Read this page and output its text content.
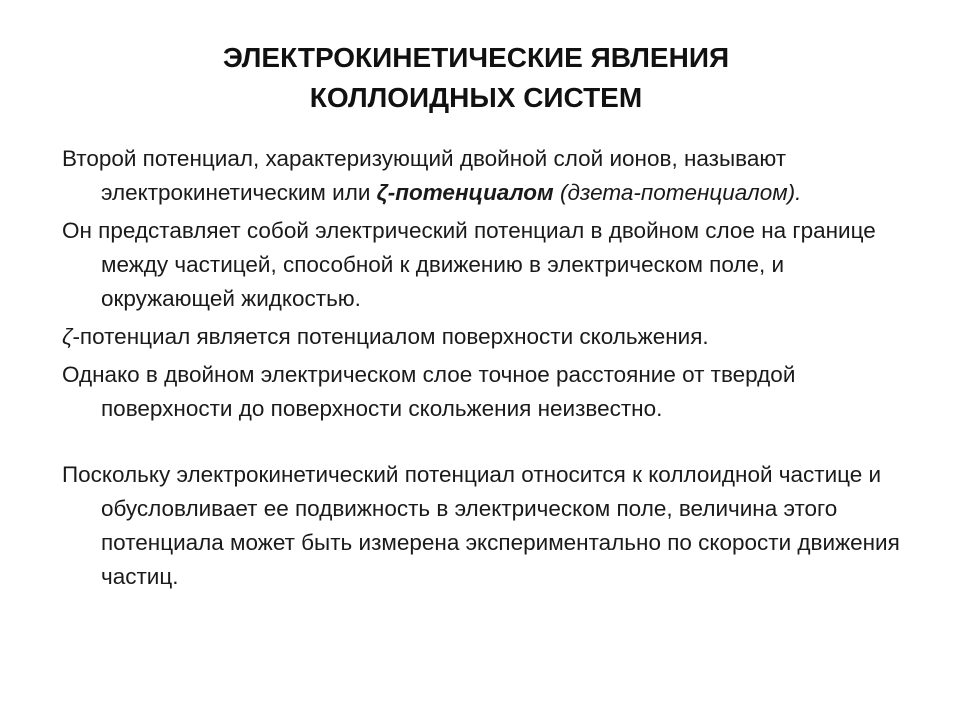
ЭЛЕКТРОКИНЕТИЧЕСКИЕ ЯВЛЕНИЯ
КОЛЛОИДНЫХ СИСТЕМ

Второй потенциал, характеризующий двойной слой ионов, называют электрокинетическим или ζ-потенциалом (дзета-потенциалом).

Он представляет собой электрический потенциал в двойном слое на границе между частицей, способной к движению в электрическом поле, и окружающей жидкостью.

ζ-потенциал является потенциалом поверхности скольжения.

Однако в двойном электрическом слое точное расстояние от твердой поверхности до поверхности скольжения неизвестно.

Поскольку электрокинетический потенциал относится к коллоидной частице и обусловливает ее подвижность в электрическом поле, величина этого потенциала может быть измерена экспериментально по скорости движения частиц.
